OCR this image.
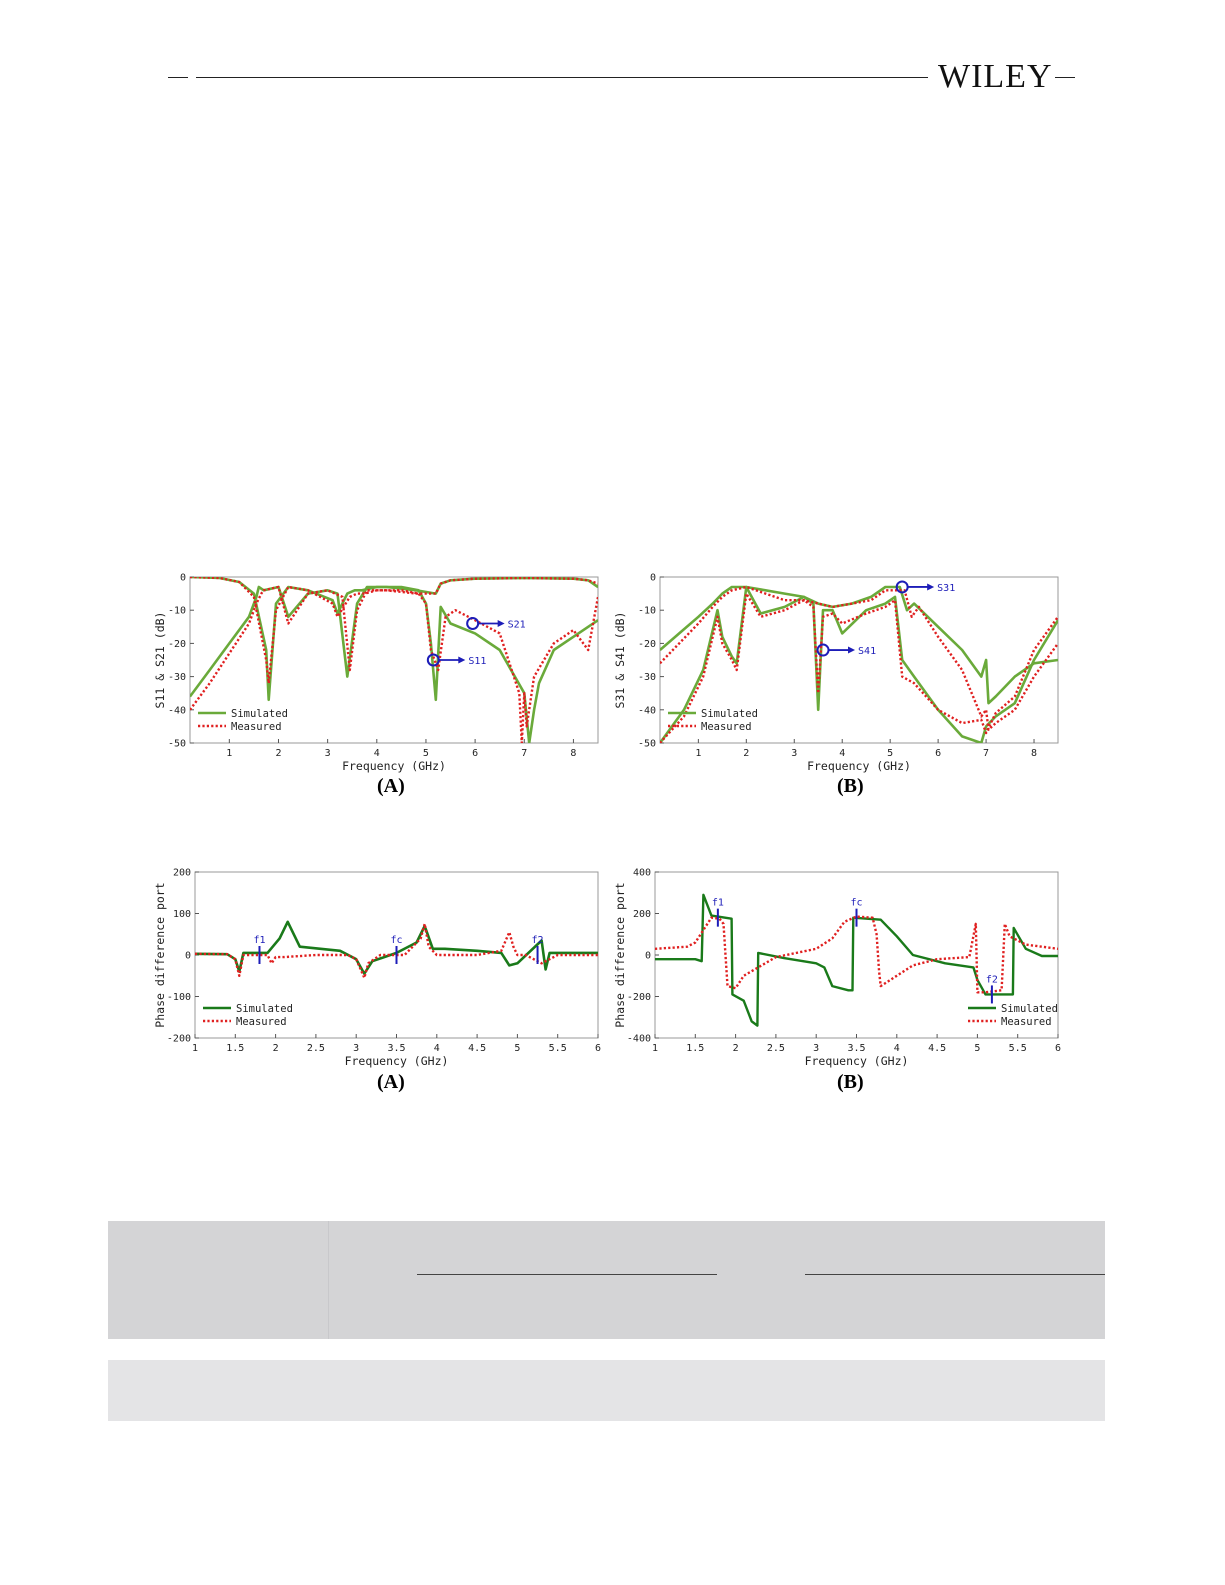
WILEY
1	2	3	4	5	6	7	8
0
-10
-20
-30
-40
-50
Frequency (GHz)
S11 & S21 (dB)	S21
S11
Simulated
Measured
(A)
1	2	3	4	5	6	7	8
0
-10
-20
-30
-40
-50
Frequency (GHz)
S31 & S41 (dB)
S31
S41
Simulated
Measured
(B)
1	1.5	2	2.5	3	3.5	4	4.5	5	5.5	6
200
100
0
-100
-200
Frequency (GHz)
Phase difference port	f1	fc	f2
Simulated
Measured
(A)
1	1.5	2	2.5	3	3.5	4	4.5	5	5.5	6
400
200
0
-200
-400
Frequency (GHz)
Phase difference port	f1	fc
f2
Simulated
Measured
(B)
